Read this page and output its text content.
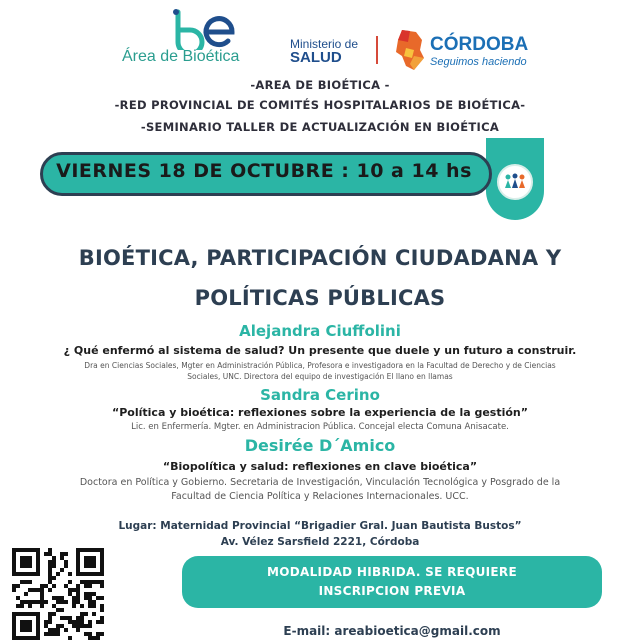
Área de Bioética
Ministerio de
SALUD
CÓRDOBA
Seguimos haciendo
-AREA DE BIOÉTICA -
-RED PROVINCIAL DE COMITÉS HOSPITALARIOS DE BIOÉTICA-
-SEMINARIO TALLER DE ACTUALIZACIÓN EN BIOÉTICA
VIERNES 18 DE OCTUBRE : 10 a 14 hs
BIOÉTICA, PARTICIPACIÓN CIUDADANA Y
POLÍTICAS PÚBLICAS
Alejandra Ciuffolini
¿ Qué enfermó al sistema de salud? Un presente que duele y un futuro a construir.
Dra en Ciencias Sociales, Mgter en Administración Pública, Profesora e investigadora en la Facultad de Derecho y de Ciencias
Sociales, UNC. Directora del equipo de investigación El llano en llamas
Sandra Cerino
“Política y bioética: reflexiones sobre la experiencia de la gestión”
Lic. en Enfermería. Mgter. en Administracion Pública. Concejal electa Comuna Anisacate.
Desirée D´Amico
“Biopolítica y salud: reflexiones en clave bioética”
Doctora en Política y Gobierno. Secretaria de Investigación, Vinculación Tecnológica y Posgrado de la
Facultad de Ciencia Política y Relaciones Internacionales. UCC.
Lugar: Maternidad Provincial “Brigadier Gral. Juan Bautista Bustos”
Av. Vélez Sarsfield 2221, Córdoba
MODALIDAD HIBRIDA. SE REQUIERE
INSCRIPCION PREVIA
E-mail: areabioetica@gmail.com
